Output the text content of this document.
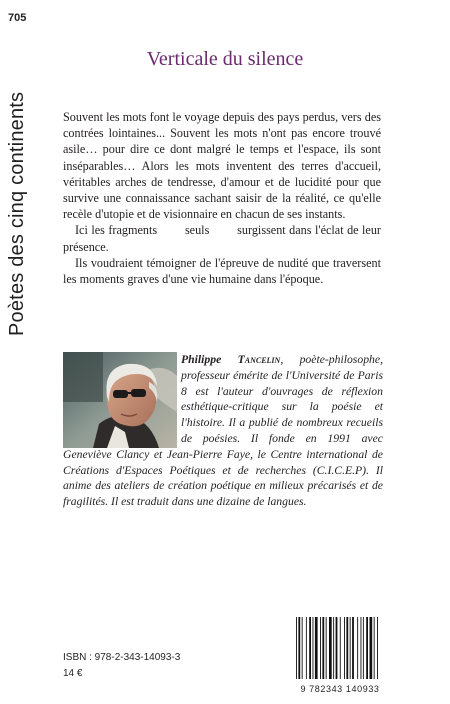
705
Poètes des cinq continents
Verticale du silence

Souvent les mots font le voyage depuis des pays perdus, vers des contrées lointaines... Souvent les mots n'ont pas encore trouvé asile… pour dire ce dont malgré le temps et l'espace, ils sont inséparables… Alors les mots inventent des terres d'accueil, véritables arches de tendresse, d'amour et de lucidité pour que survive une connaissance sachant saisir de la réalité, ce qu'elle recèle d'utopie et de visionnaire en chacun de ses instants.

Ici les fragments        seuls        surgissent dans l'éclat de leur présence.

Ils voudraient témoigner de l'épreuve de nudité que traversent les moments graves d'une vie humaine dans l'époque.

Philippe Tancelin, poète-philosophe, professeur émérite de l'Université de Paris 8 est l'auteur d'ouvrages de réflexion esthétique-critique sur la poésie et l'histoire. Il a publié de nombreux recueils de poésies. Il fonde en 1991 avec Geneviève Clancy et Jean-Pierre Faye, le Centre international de Créations d'Espaces Poétiques et de recherches (C.I.C.E.P). Il anime des ateliers de création poétique en milieux précarisés et de fragilités. Il est traduit dans une dizaine de langues.
ISBN : 978-2-343-14093-3
14 €
9 782343 140933
